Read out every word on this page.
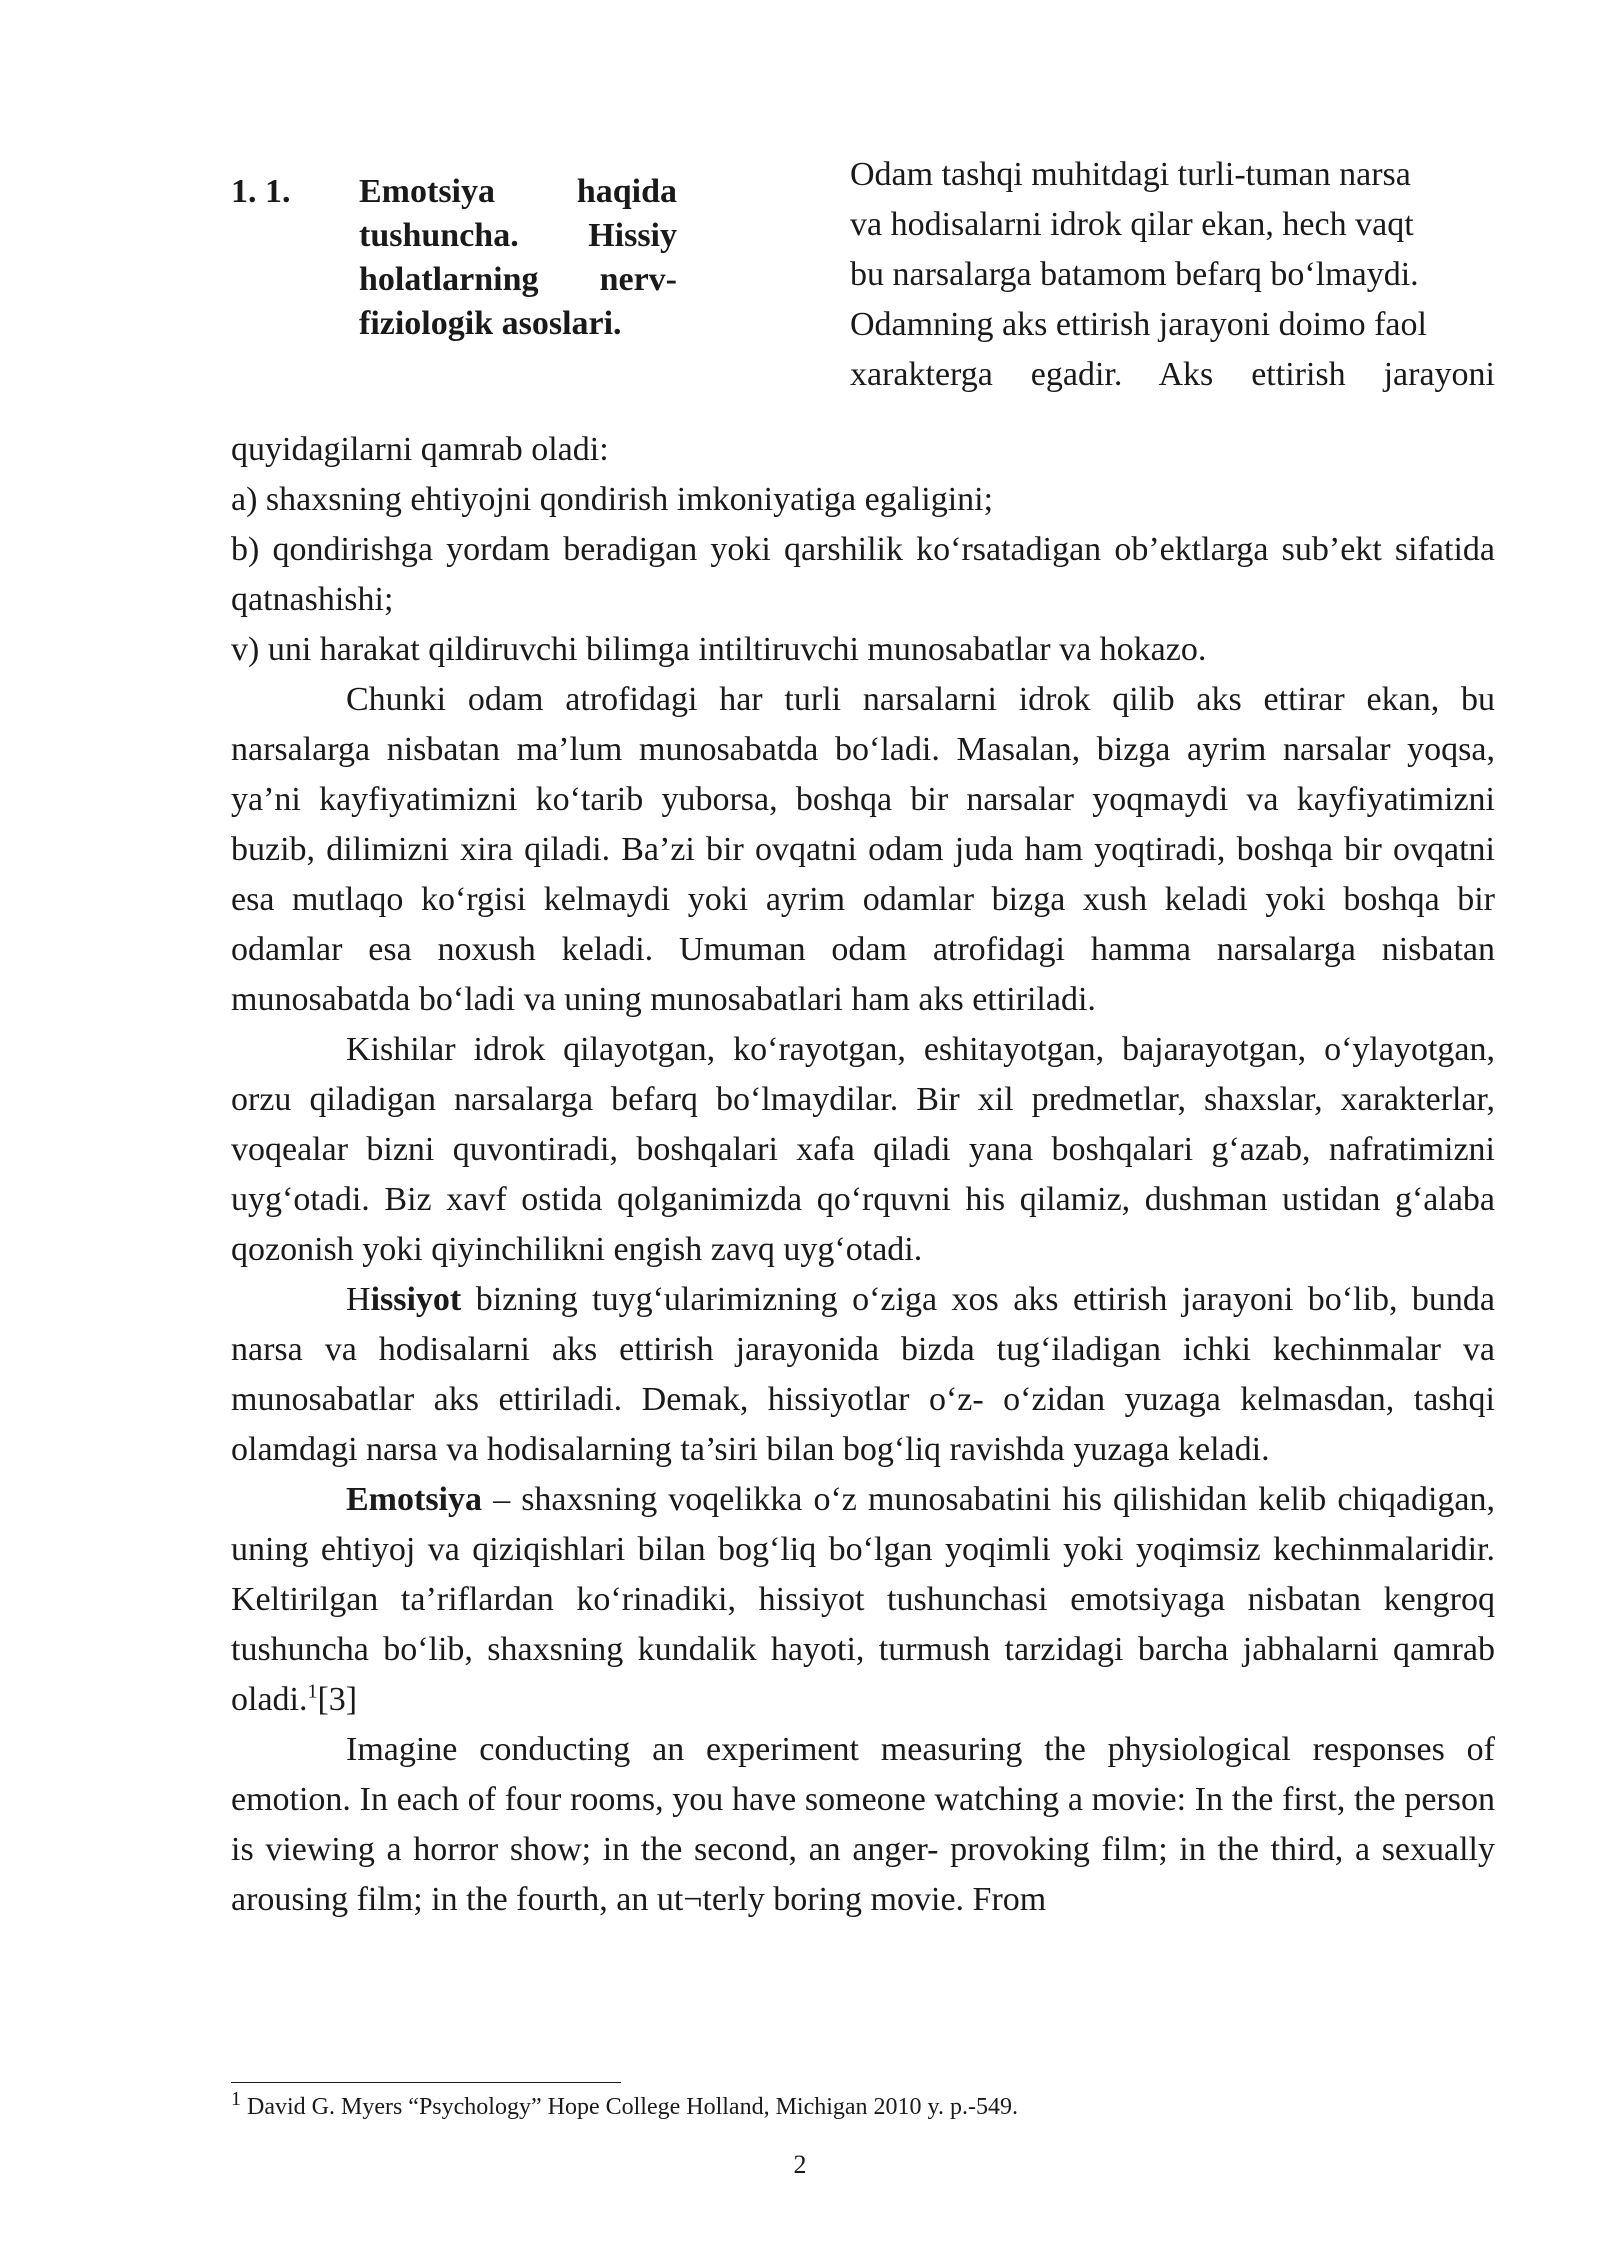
1. 1.	Emotsiya haqida tushuncha. Hissiy holatlarning nerv-fiziologik asoslari.
Odam tashqi muhitdagi turli-tuman narsa
va hodisalarni idrok qilar ekan, hech vaqt
bu narsalarga batamom befarq bo‘lmaydi.
Odamning aks ettirish jarayoni doimo faol
xarakterga egadir. Aks ettirish jarayoni

quyidagilarni qamrab oladi:

a) shaxsning ehtiyojni qondirish imkoniyatiga egaligini;

b) qondirishga yordam beradigan yoki qarshilik ko‘rsatadigan ob’ektlarga sub’ekt sifatida qatnashishi;

v) uni harakat qildiruvchi bilimga intiltiruvchi munosabatlar va hokazo.

Chunki odam atrofidagi har turli narsalarni idrok qilib aks ettirar ekan, bu narsalarga nisbatan ma’lum munosabatda bo‘ladi. Masalan, bizga ayrim narsalar yoqsa, ya’ni kayfiyatimizni ko‘tarib yuborsa, boshqa bir narsalar yoqmaydi va kayfiyatimizni buzib, dilimizni xira qiladi. Ba’zi bir ovqatni odam juda ham yoqtiradi, boshqa bir ovqatni esa mutlaqo ko‘rgisi kelmaydi yoki ayrim odamlar bizga xush keladi yoki boshqa bir odamlar esa noxush keladi. Umuman odam atrofidagi hamma narsalarga nisbatan munosabatda bo‘ladi va uning munosabatlari ham aks ettiriladi.

Kishilar idrok qilayotgan, ko‘rayotgan, eshitayotgan, bajarayotgan, o‘ylayotgan, orzu qiladigan narsalarga befarq bo‘lmaydilar. Bir xil predmetlar, shaxslar, xarakterlar, voqealar bizni quvontiradi, boshqalari xafa qiladi yana boshqalari g‘azab, nafratimizni uyg‘otadi. Biz xavf ostida qolganimizda qo‘rquvni his qilamiz, dushman ustidan g‘alaba qozonish yoki qiyinchilikni engish zavq uyg‘otadi.

Hissiyot bizning tuyg‘ularimizning o‘ziga xos aks ettirish jarayoni bo‘lib, bunda narsa va hodisalarni aks ettirish jarayonida bizda tug‘iladigan ichki kechinmalar va munosabatlar aks ettiriladi. Demak, hissiyotlar o‘z- o‘zidan yuzaga kelmasdan, tashqi olamdagi narsa va hodisalarning ta’siri bilan bog‘liq ravishda yuzaga keladi.

Emotsiya – shaxsning voqelikka o‘z munosabatini his qilishidan kelib chiqadigan, uning ehtiyoj va qiziqishlari bilan bog‘liq bo‘lgan yoqimli yoki yoqimsiz kechinmalaridir. Keltirilgan ta’riflardan ko‘rinadiki, hissiyot tushunchasi emotsiyaga nisbatan kengroq tushuncha bo‘lib, shaxsning kundalik hayoti, turmush tarzidagi barcha jabhalarni qamrab oladi.$^1$[3]

Imagine conducting an experiment measuring the physiological responses of emotion. In each of four rooms, you have someone watching a movie: In the first, the person is viewing a horror show; in the second, an anger- provoking film; in the third, a sexually arousing film; in the fourth, an ut¬terly boring movie. From

$^1$ David G. Myers “Psychology” Hope College Holland, Michigan 2010 y. p.-549.
2
